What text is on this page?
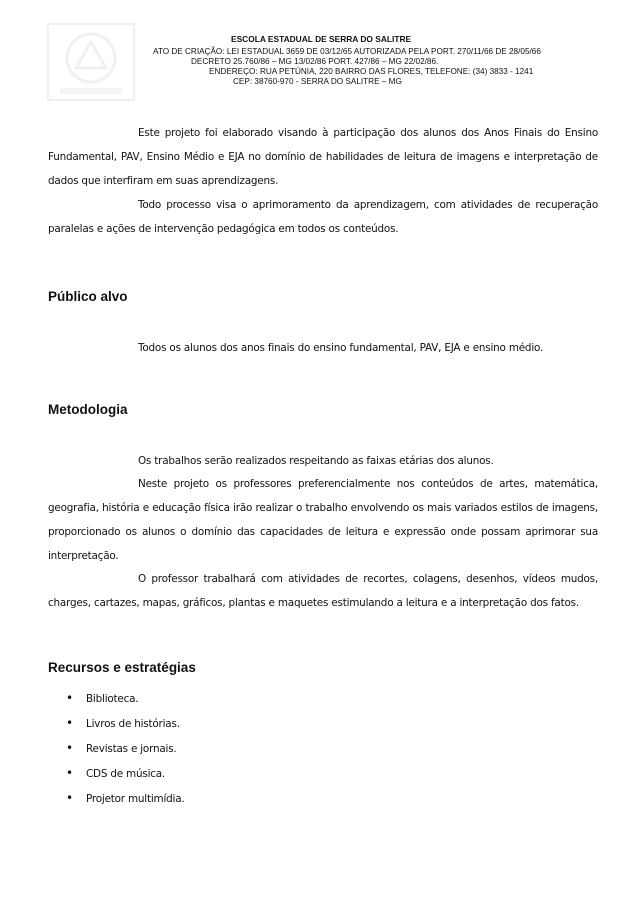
ESCOLA ESTADUAL DE SERRA DO SALITRE
ATO DE CRIAÇÃO: LEI ESTADUAL 3659 DE 03/12/65 AUTORIZADA PELA PORT. 270/11/66 DE 28/05/66
DECRETO 25.760/86 – MG 13/02/86 PORT. 427/86 – MG 22/02/86.
ENDEREÇO: RUA PETÚNIA, 220 BAIRRO DAS FLORES, TELEFONE: (34) 3833 - 1241
CEP: 38760-970 - SERRA DO SALITRE – MG
Este projeto foi elaborado visando à participação dos alunos dos Anos Finais do Ensino Fundamental, PAV, Ensino Médio e EJA no domínio de habilidades de leitura de imagens e interpretação de dados que interfiram em suas aprendizagens.
Todo processo visa o aprimoramento da aprendizagem, com atividades de recuperação paralelas e ações de intervenção pedagógica em todos os conteúdos.
Público alvo
Todos os alunos dos anos finais do ensino fundamental, PAV, EJA e ensino médio.
Metodologia
Os trabalhos serão realizados respeitando as faixas etárias dos alunos.
Neste projeto os professores preferencialmente nos conteúdos de artes, matemática, geografia, história e educação física irão realizar o trabalho envolvendo os mais variados estilos de imagens, proporcionado os alunos o domínio das capacidades de leitura e expressão onde possam aprimorar sua interpretação.
O professor trabalhará com atividades de recortes, colagens, desenhos, vídeos mudos, charges, cartazes, mapas, gráficos, plantas e maquetes estimulando a leitura e a interpretação dos fatos.
Recursos e estratégias
• Biblioteca.
• Livros de histórias.
• Revistas e jornais.
• CDS de música.
• Projetor multimídia.
